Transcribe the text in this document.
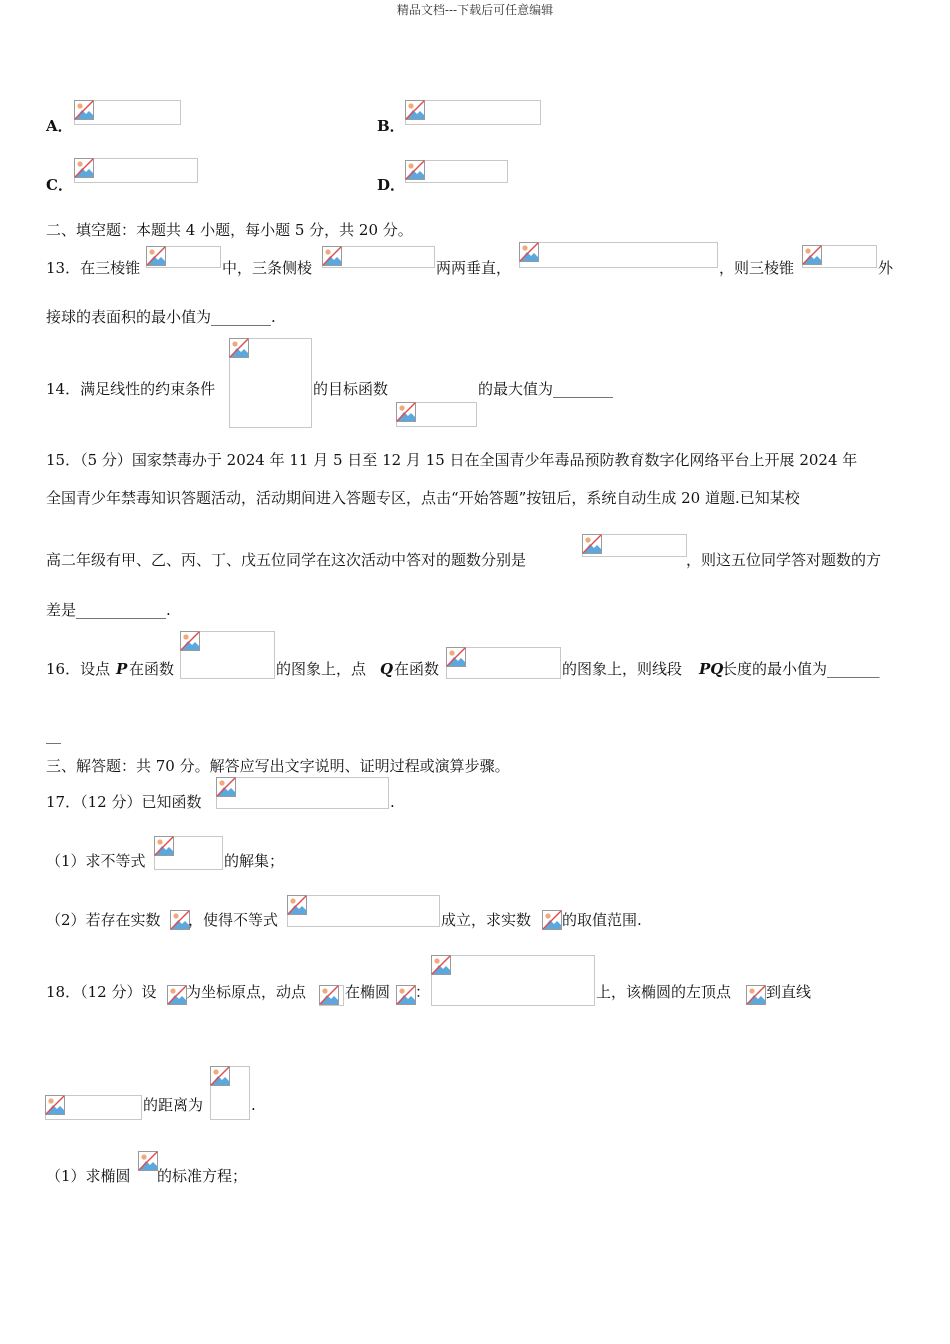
精品文档---下载后可任意编辑
A．	B．
C．	D．
二、填空题：本题共 4 小题，每小题 5 分，共 20 分。
13．在三棱锥	中，三条侧棱	两两垂直，	，则三棱锥	外
接球的表面积的最小值为________.
14．满足线性的约束条件	的目标函数	的最大值为________
15．（5 分）国家禁毒办于 2024 年 11 月 5 日至 12 月 15 日在全国青少年毒品预防教育数字化网络平台上开展 2024 年
全国青少年禁毒知识答题活动，活动期间进入答题专区，点击“开始答题”按钮后，系统自动生成 20 道题.已知某校
高二年级有甲、乙、丙、丁、戊五位同学在这次活动中答对的题数分别是	，则这五位同学答对题数的方
差是____________.
16．设点 P 在函数	的图象上，点 Q 在函数	的图象上，则线段 PQ
长度的最小值为_______
__
三、解答题：共 70 分。解答应写出文字说明、证明过程或演算步骤。
17．（12 分）已知函数	.
（1）求不等式	的解集；
（2）若存在实数 ，使得不等式	成立，求实数 的取值范围.
18．（12 分）设 为坐标原点，动点	在椭圆 ：	上，该椭圆的左顶点 到直线
的距离为	.
（1）求椭圆 的标准方程；
